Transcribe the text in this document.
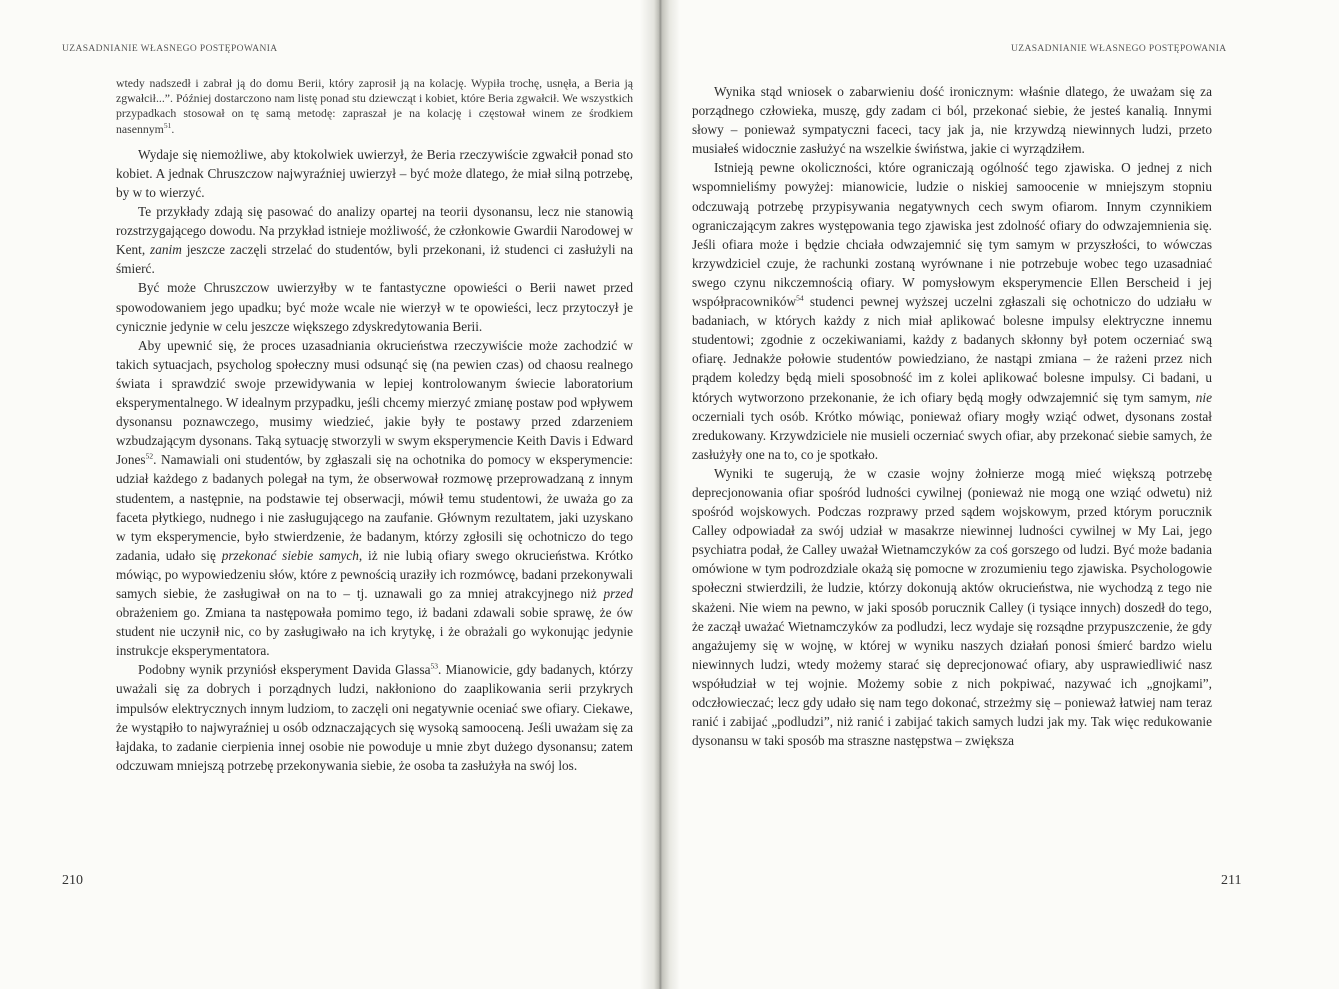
UZASADNIANIE WŁASNEGO POSTĘPOWANIA

wtedy nadszedł i zabrał ją do domu Berii, który zaprosił ją na kolację. Wypiła trochę, usnęła, a Beria ją zgwałcił...”. Później dostarczono nam listę ponad stu dziewcząt i kobiet, które Beria zgwałcił. We wszystkich przypadkach stosował on tę samą metodę: zapraszał je na kolację i częstował winem ze środkiem nasennym$^{51}$.

Wydaje się niemożliwe, aby ktokolwiek uwierzył, że Beria rzeczywiście zgwałcił ponad sto kobiet. A jednak Chruszczow najwyraźniej uwierzył – być może dlatego, że miał silną potrzebę, by w to wierzyć.

Te przykłady zdają się pasować do analizy opartej na teorii dysonansu, lecz nie stanowią rozstrzygającego dowodu. Na przykład istnieje możliwość, że członkowie Gwardii Narodowej w Kent, zanim jeszcze zaczęli strzelać do studentów, byli przekonani, iż studenci ci zasłużyli na śmierć.

Być może Chruszczow uwierzyłby w te fantastyczne opowieści o Berii nawet przed spowodowaniem jego upadku; być może wcale nie wierzył w te opowieści, lecz przytoczył je cynicznie jedynie w celu jeszcze większego zdyskredytowania Berii.

Aby upewnić się, że proces uzasadniania okrucieństwa rzeczywiście może zachodzić w takich sytuacjach, psycholog społeczny musi odsunąć się (na pewien czas) od chaosu realnego świata i sprawdzić swoje przewidywania w lepiej kontrolowanym świecie laboratorium eksperymentalnego. W idealnym przypadku, jeśli chcemy mierzyć zmianę postaw pod wpływem dysonansu poznawczego, musimy wiedzieć, jakie były te postawy przed zdarzeniem wzbudzającym dysonans. Taką sytuację stworzyli w swym eksperymencie Keith Davis i Edward Jones$^{52}$. Namawiali oni studentów, by zgłaszali się na ochotnika do pomocy w eksperymencie: udział każdego z badanych polegał na tym, że obserwował rozmowę przeprowadzaną z innym studentem, a następnie, na podstawie tej obserwacji, mówił temu studentowi, że uważa go za faceta płytkiego, nudnego i nie zasługującego na zaufanie. Głównym rezultatem, jaki uzyskano w tym eksperymencie, było stwierdzenie, że badanym, którzy zgłosili się ochotniczo do tego zadania, udało się przekonać siebie samych, iż nie lubią ofiary swego okrucieństwa. Krótko mówiąc, po wypowiedzeniu słów, które z pewnością uraziły ich rozmówcę, badani przekonywali samych siebie, że zasługiwał on na to – tj. uznawali go za mniej atrakcyjnego niż przed obrażeniem go. Zmiana ta następowała pomimo tego, iż badani zdawali sobie sprawę, że ów student nie uczynił nic, co by zasługiwało na ich krytykę, i że obrażali go wykonując jedynie instrukcje eksperymentatora.

Podobny wynik przyniósł eksperyment Davida Glassa$^{53}$. Mianowicie, gdy badanych, którzy uważali się za dobrych i porządnych ludzi, nakłoniono do zaaplikowania serii przykrych impulsów elektrycznych innym ludziom, to zaczęli oni negatywnie oceniać swe ofiary. Ciekawe, że wystąpiło to najwyraźniej u osób odznaczających się wysoką samooceną. Jeśli uważam się za łajdaka, to zadanie cierpienia innej osobie nie powoduje u mnie zbyt dużego dysonansu; zatem odczuwam mniejszą potrzebę przekonywania siebie, że osoba ta zasłużyła na swój los.

210
UZASADNIANIE WŁASNEGO POSTĘPOWANIA

Wynika stąd wniosek o zabarwieniu dość ironicznym: właśnie dlatego, że uważam się za porządnego człowieka, muszę, gdy zadam ci ból, przekonać siebie, że jesteś kanalią. Innymi słowy – ponieważ sympatyczni faceci, tacy jak ja, nie krzywdzą niewinnych ludzi, przeto musiałeś widocznie zasłużyć na wszelkie świństwa, jakie ci wyrządziłem.

Istnieją pewne okoliczności, które ograniczają ogólność tego zjawiska. O jednej z nich wspomnieliśmy powyżej: mianowicie, ludzie o niskiej samoocenie w mniejszym stopniu odczuwają potrzebę przypisywania negatywnych cech swym ofiarom. Innym czynnikiem ograniczającym zakres występowania tego zjawiska jest zdolność ofiary do odwzajemnienia się. Jeśli ofiara może i będzie chciała odwzajemnić się tym samym w przyszłości, to wówczas krzywdziciel czuje, że rachunki zostaną wyrównane i nie potrzebuje wobec tego uzasadniać swego czynu nikczemnością ofiary. W pomysłowym eksperymencie Ellen Berscheid i jej współpracowników$^{54}$ studenci pewnej wyższej uczelni zgłaszali się ochotniczo do udziału w badaniach, w których każdy z nich miał aplikować bolesne impulsy elektryczne innemu studentowi; zgodnie z oczekiwaniami, każdy z badanych skłonny był potem oczerniać swą ofiarę. Jednakże połowie studentów powiedziano, że nastąpi zmiana – że rażeni przez nich prądem koledzy będą mieli sposobność im z kolei aplikować bolesne impulsy. Ci badani, u których wytworzono przekonanie, że ich ofiary będą mogły odwzajemnić się tym samym, nie oczerniali tych osób. Krótko mówiąc, ponieważ ofiary mogły wziąć odwet, dysonans został zredukowany. Krzywdziciele nie musieli oczerniać swych ofiar, aby przekonać siebie samych, że zasłużyły one na to, co je spotkało.

Wyniki te sugerują, że w czasie wojny żołnierze mogą mieć większą potrzebę deprecjonowania ofiar spośród ludności cywilnej (ponieważ nie mogą one wziąć odwetu) niż spośród wojskowych. Podczas rozprawy przed sądem wojskowym, przed którym porucznik Calley odpowiadał za swój udział w masakrze niewinnej ludności cywilnej w My Lai, jego psychiatra podał, że Calley uważał Wietnamczyków za coś gorszego od ludzi. Być może badania omówione w tym podrozdziale okażą się pomocne w zrozumieniu tego zjawiska. Psychologowie społeczni stwierdzili, że ludzie, którzy dokonują aktów okrucieństwa, nie wychodzą z tego nie skażeni. Nie wiem na pewno, w jaki sposób porucznik Calley (i tysiące innych) doszedł do tego, że zaczął uważać Wietnamczyków za podludzi, lecz wydaje się rozsądne przypuszczenie, że gdy angażujemy się w wojnę, w której w wyniku naszych działań ponosi śmierć bardzo wielu niewinnych ludzi, wtedy możemy starać się deprecjonować ofiary, aby usprawiedliwić nasz współudział w tej wojnie. Możemy sobie z nich pokpiwać, nazywać ich „gnojkami”, odczłowieczać; lecz gdy udało się nam tego dokonać, strzeżmy się – ponieważ łatwiej nam teraz ranić i zabijać „podludzi”, niż ranić i zabijać takich samych ludzi jak my. Tak więc redukowanie dysonansu w taki sposób ma straszne następstwa – zwiększa

211
